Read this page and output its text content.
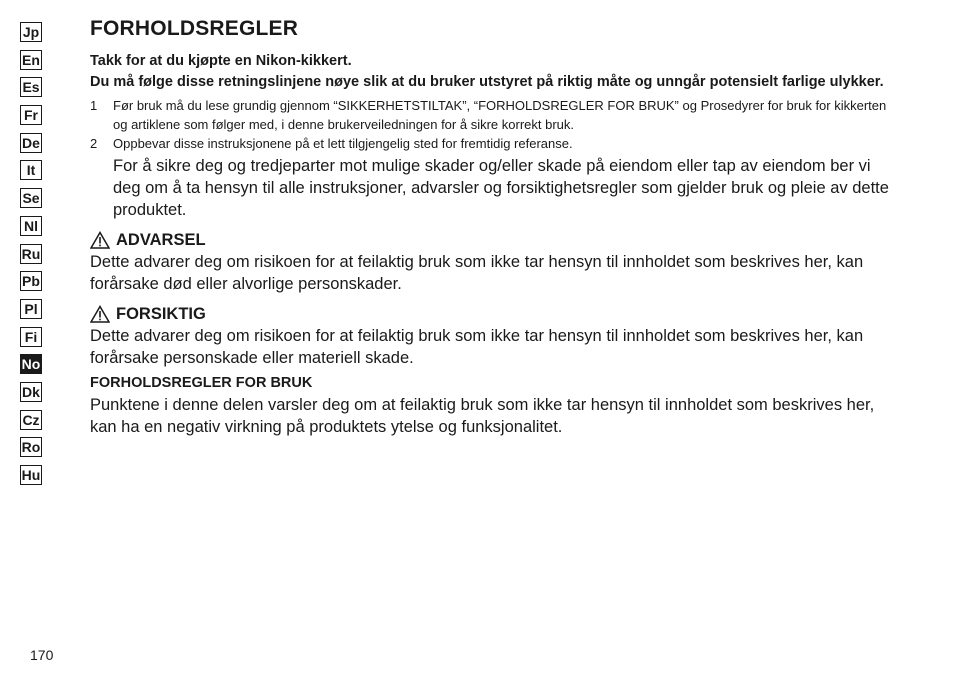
Jp
En
Es
Fr
De
It
Se
Nl
Ru
Pb
Pl
Fi
No
Dk
Cz
Ro
Hu
FORHOLDSREGLER

Takk for at du kjøpte en Nikon-kikkert.

Du må følge disse retningslinjene nøye slik at du bruker utstyret på riktig måte og unngår potensielt farlige ulykker.

1 Før bruk må du lese grundig gjennom “SIKKERHETSTILTAK”, “FORHOLDSREGLER FOR BRUK” og Prosedyrer for bruk for kikkerten og artiklene som følger med, i denne brukerveiledningen for å sikre korrekt bruk.
2 Oppbevar disse instruksjonene på et lett tilgjengelig sted for fremtidig referanse.

For å sikre deg og tredjeparter mot mulige skader og/eller skade på eiendom eller tap av eiendom ber vi deg om å ta hensyn til alle instruksjoner, advarsler og forsiktighetsregler som gjelder bruk og pleie av dette produktet.

ADVARSEL

Dette advarer deg om risikoen for at feilaktig bruk som ikke tar hensyn til innholdet som beskrives her, kan forårsake død eller alvorlige personskader.

FORSIKTIG

Dette advarer deg om risikoen for at feilaktig bruk som ikke tar hensyn til innholdet som beskrives her, kan forårsake personskade eller materiell skade.

FORHOLDSREGLER FOR BRUK

Punktene i denne delen varsler deg om at feilaktig bruk som ikke tar hensyn til innholdet som beskrives her, kan ha en negativ virkning på produktets ytelse og funksjonalitet.

170
